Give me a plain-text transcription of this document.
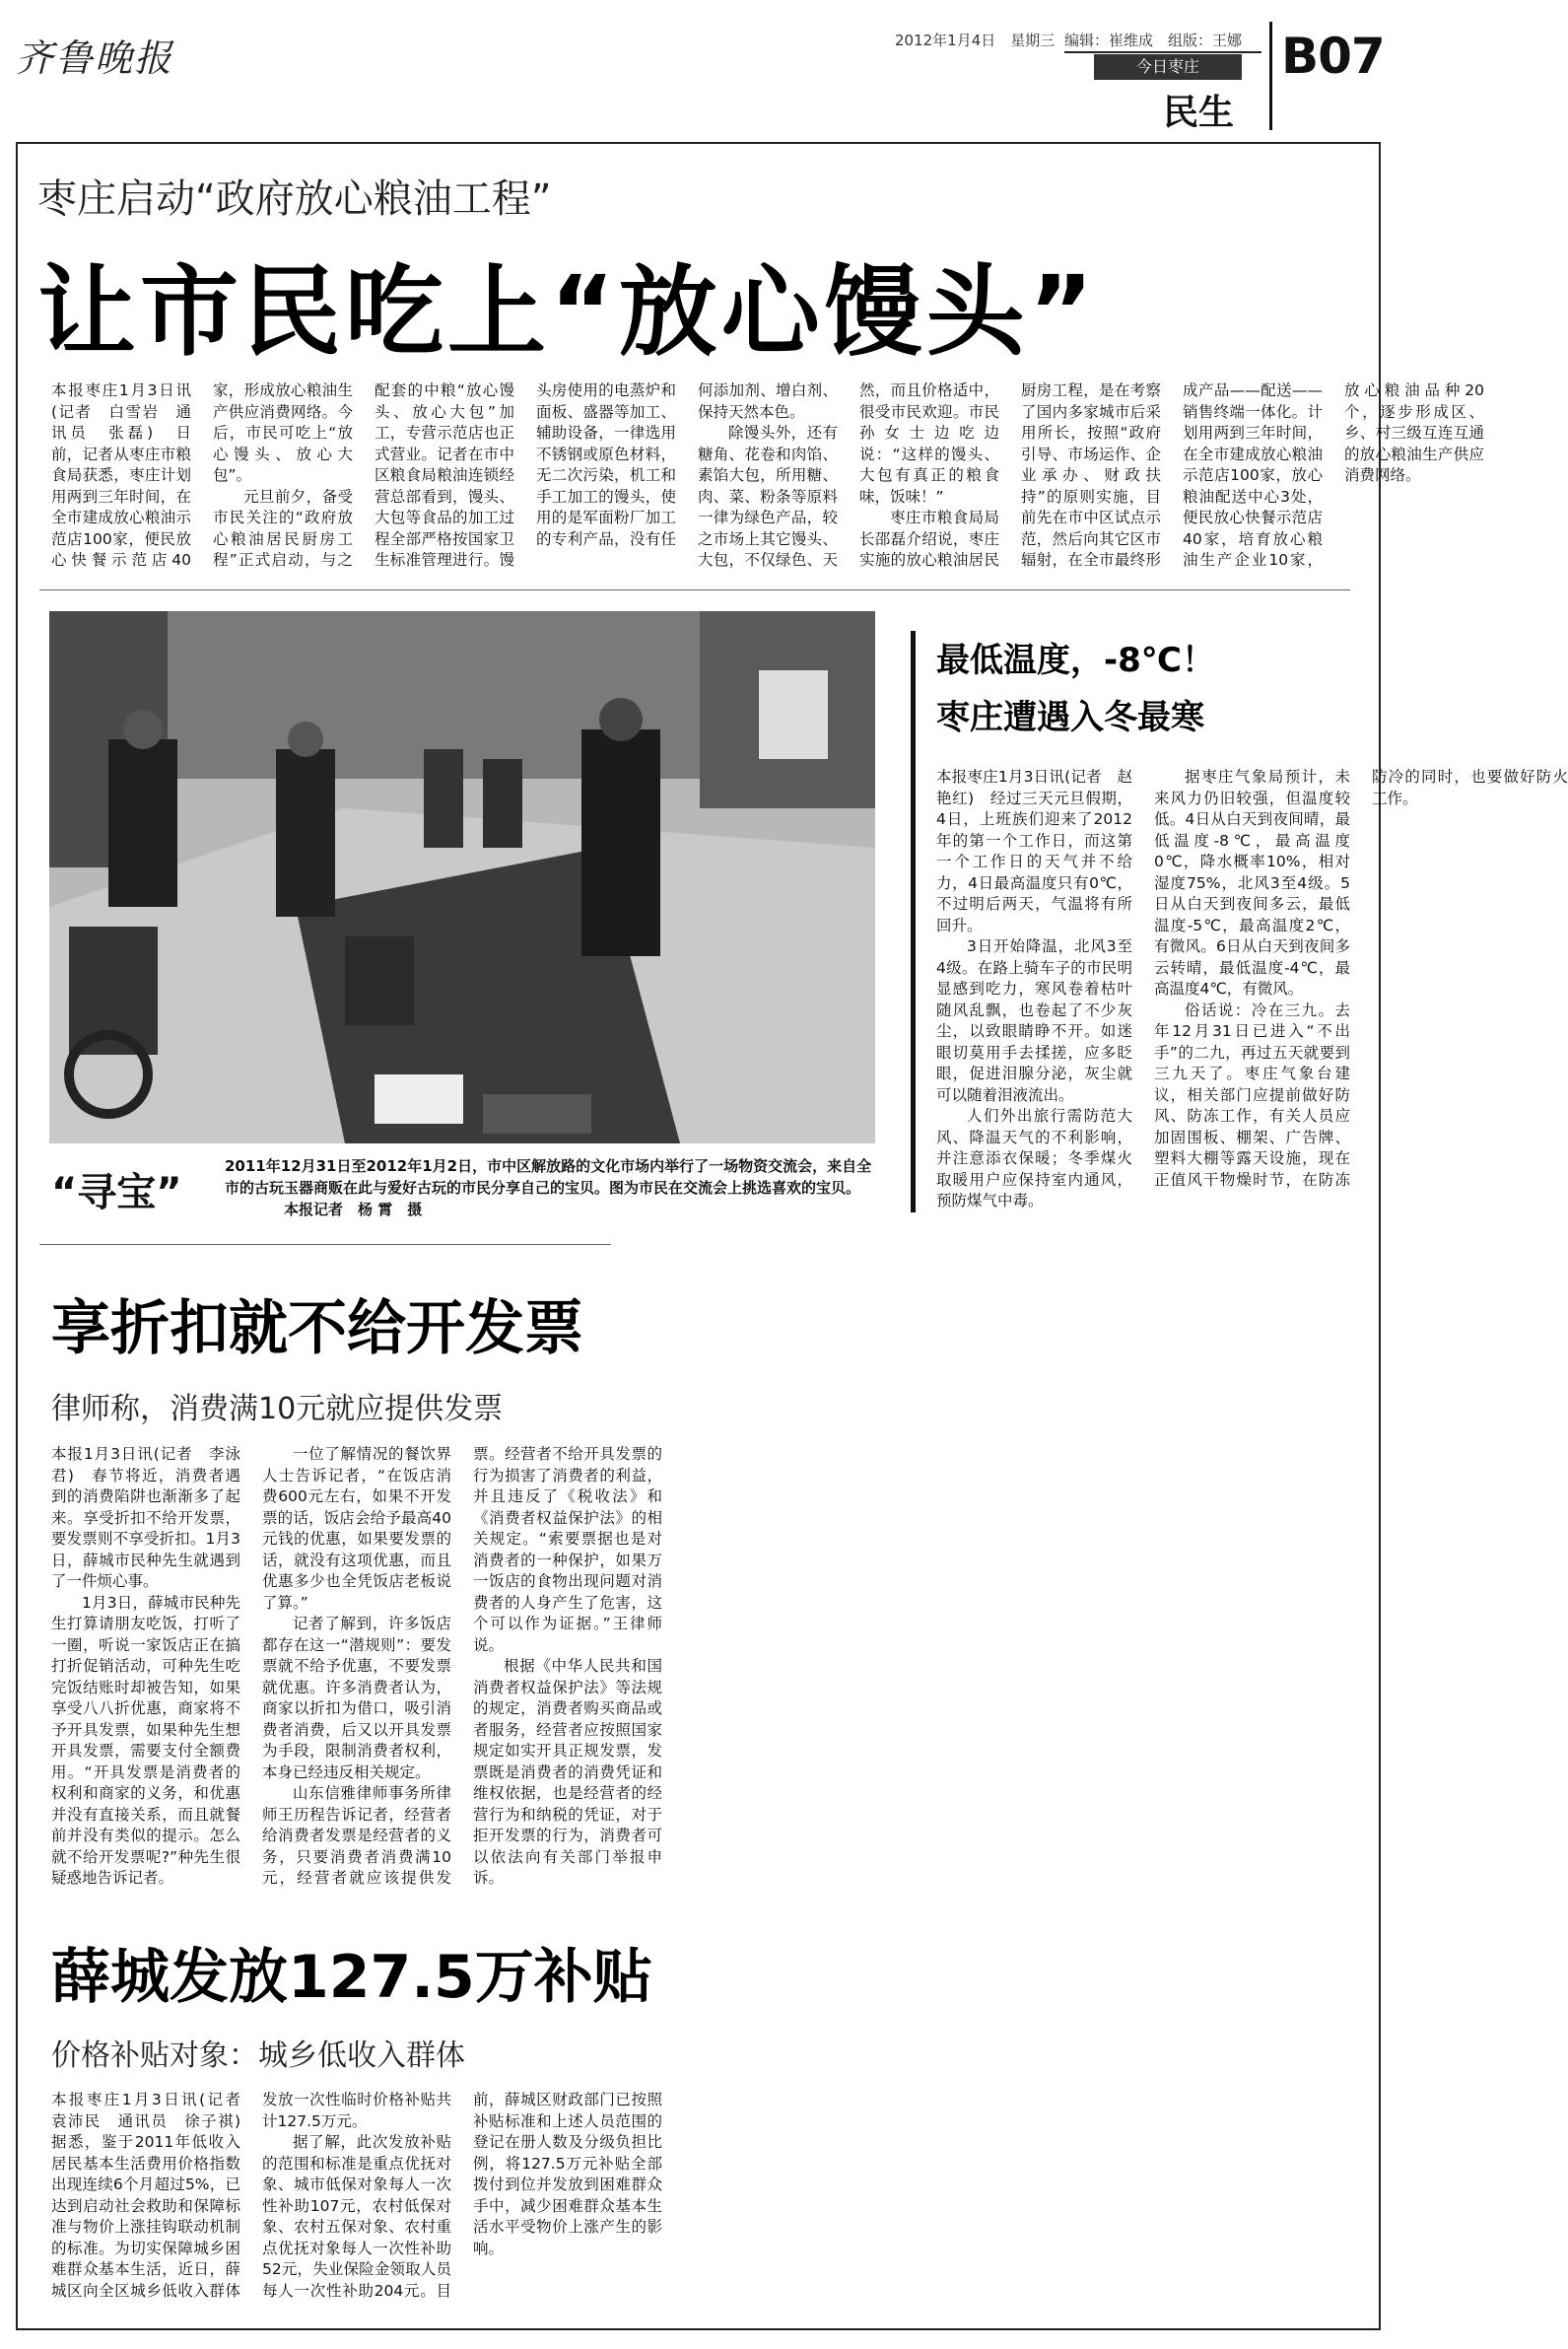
齐鲁晚报	2012年1月4日　星期三 编辑：崔维成　组版：王娜
今日枣庄
民生
B07
枣庄启动“政府放心粮油工程”
让市民吃上“放心馒头”

本报枣庄1月3日讯(记者　白雪岩　通讯员　张磊)　日前，记者从枣庄市粮食局获悉，枣庄计划用两到三年时间，在全市建成放心粮油示范店100家，便民放心快餐示范店40家，形成放心粮油生产供应消费网络。今后，市民可吃上“放心馒头、放心大包”。

元旦前夕，备受市民关注的“政府放心粮油居民厨房工程”正式启动，与之配套的中粮“放心馒头、放心大包”加工，专营示范店也正式营业。记者在市中区粮食局粮油连锁经营总部看到，馒头、大包等食品的加工过程全部严格按国家卫生标准管理进行。馒头房使用的电蒸炉和面板、盛器等加工、辅助设备，一律选用不锈钢或原色材料，无二次污染，机工和手工加工的馒头，使用的是军面粉厂加工的专利产品，没有任何添加剂、增白剂、保持天然本色。

除馒头外，还有糖角、花卷和肉馅、素馅大包，所用糖、肉、菜、粉条等原料一律为绿色产品，较之市场上其它馒头、大包，不仅绿色、天然，而且价格适中，很受市民欢迎。市民孙女士边吃边说：“这样的馒头、大包有真正的粮食味，饭味！”

枣庄市粮食局局长邵磊介绍说，枣庄实施的放心粮油居民厨房工程，是在考察了国内多家城市后采用所长，按照“政府引导、市场运作、企业承办、财政扶持”的原则实施，目前先在市中区试点示范，然后向其它区市辐射，在全市最终形成产品——配送——销售终端一体化。计划用两到三年时间，在全市建成放心粮油示范店100家，放心粮油配送中心3处，便民放心快餐示范店40家，培育放心粮油生产企业10家，放心粮油品种20个，逐步形成区、乡、村三级互连互通的放心粮油生产供应消费网络。

“寻宝”
2011年12月31日至2012年1月2日，市中区解放路的文化市场内举行了一场物资交流会，来自全市的古玩玉器商贩在此与爱好古玩的市民分享自己的宝贝。图为市民在交流会上挑选喜欢的宝贝。 本报记者　杨 霄　摄
最低温度，-8℃！
枣庄遭遇入冬最寒

本报枣庄1月3日讯(记者　赵艳红)　经过三天元旦假期，4日，上班族们迎来了2012年的第一个工作日，而这第一个工作日的天气并不给力，4日最高温度只有0℃，不过明后两天，气温将有所回升。

3日开始降温，北风3至4级。在路上骑车子的市民明显感到吃力，寒风卷着枯叶随风乱飘，也卷起了不少灰尘，以致眼睛睁不开。如迷眼切莫用手去揉搓，应多眨眼，促进泪腺分泌，灰尘就可以随着泪液流出。

人们外出旅行需防范大风、降温天气的不利影响，并注意添衣保暖；冬季煤火取暖用户应保持室内通风，预防煤气中毒。

据枣庄气象局预计，未来风力仍旧较强，但温度较低。4日从白天到夜间晴，最低温度-8℃，最高温度0℃，降水概率10%，相对湿度75%，北风3至4级。5日从白天到夜间多云，最低温度-5℃，最高温度2℃，有微风。6日从白天到夜间多云转晴，最低温度-4℃，最高温度4℃，有微风。

俗话说：冷在三九。去年12月31日已进入“不出手”的二九，再过五天就要到三九天了。枣庄气象台建议，相关部门应提前做好防风、防冻工作，有关人员应加固围板、棚架、广告牌、塑料大棚等露天设施，现在正值风干物燥时节，在防冻防冷的同时，也要做好防火工作。

享折扣就不给开发票
律师称，消费满10元就应提供发票

本报1月3日讯(记者　李泳君)　春节将近，消费者遇到的消费陷阱也渐渐多了起来。享受折扣不给开发票，要发票则不享受折扣。1月3日，薛城市民种先生就遇到了一件烦心事。

1月3日，薛城市民种先生打算请朋友吃饭，打听了一圈，听说一家饭店正在搞打折促销活动，可种先生吃完饭结账时却被告知，如果享受八八折优惠，商家将不予开具发票，如果种先生想开具发票，需要支付全额费用。“开具发票是消费者的权利和商家的义务，和优惠并没有直接关系，而且就餐前并没有类似的提示。怎么就不给开发票呢?”种先生很疑惑地告诉记者。

一位了解情况的餐饮界人士告诉记者，“在饭店消费600元左右，如果不开发票的话，饭店会给予最高40元钱的优惠，如果要发票的话，就没有这项优惠，而且优惠多少也全凭饭店老板说了算。”

记者了解到，许多饭店都存在这一“潜规则”：要发票就不给予优惠，不要发票就优惠。许多消费者认为，商家以折扣为借口，吸引消费者消费，后又以开具发票为手段，限制消费者权利，本身已经违反相关规定。

山东信雅律师事务所律师王历程告诉记者，经营者给消费者发票是经营者的义务，只要消费者消费满10元，经营者就应该提供发票。经营者不给开具发票的行为损害了消费者的利益，并且违反了《税收法》和《消费者权益保护法》的相关规定。“索要票据也是对消费者的一种保护，如果万一饭店的食物出现问题对消费者的人身产生了危害，这个可以作为证据。”王律师说。

根据《中华人民共和国消费者权益保护法》等法规的规定，消费者购买商品或者服务，经营者应按照国家规定如实开具正规发票，发票既是消费者的消费凭证和维权依据，也是经营者的经营行为和纳税的凭证，对于拒开发票的行为，消费者可以依法向有关部门举报申诉。

薛城发放127.5万补贴
价格补贴对象：城乡低收入群体

本报枣庄1月3日讯(记者　袁沛民　通讯员　徐子祺)　据悉，鉴于2011年低收入居民基本生活费用价格指数出现连续6个月超过5%，已达到启动社会救助和保障标准与物价上涨挂钩联动机制的标准。为切实保障城乡困难群众基本生活，近日，薛城区向全区城乡低收入群体发放一次性临时价格补贴共计127.5万元。

据了解，此次发放补贴的范围和标准是重点优抚对象、城市低保对象每人一次性补助107元，农村低保对象、农村五保对象、农村重点优抚对象每人一次性补助52元，失业保险金领取人员每人一次性补助204元。目前，薛城区财政部门已按照补贴标准和上述人员范围的登记在册人数及分级负担比例，将127.5万元补贴全部拨付到位并发放到困难群众手中，减少困难群众基本生活水平受物价上涨产生的影响。
